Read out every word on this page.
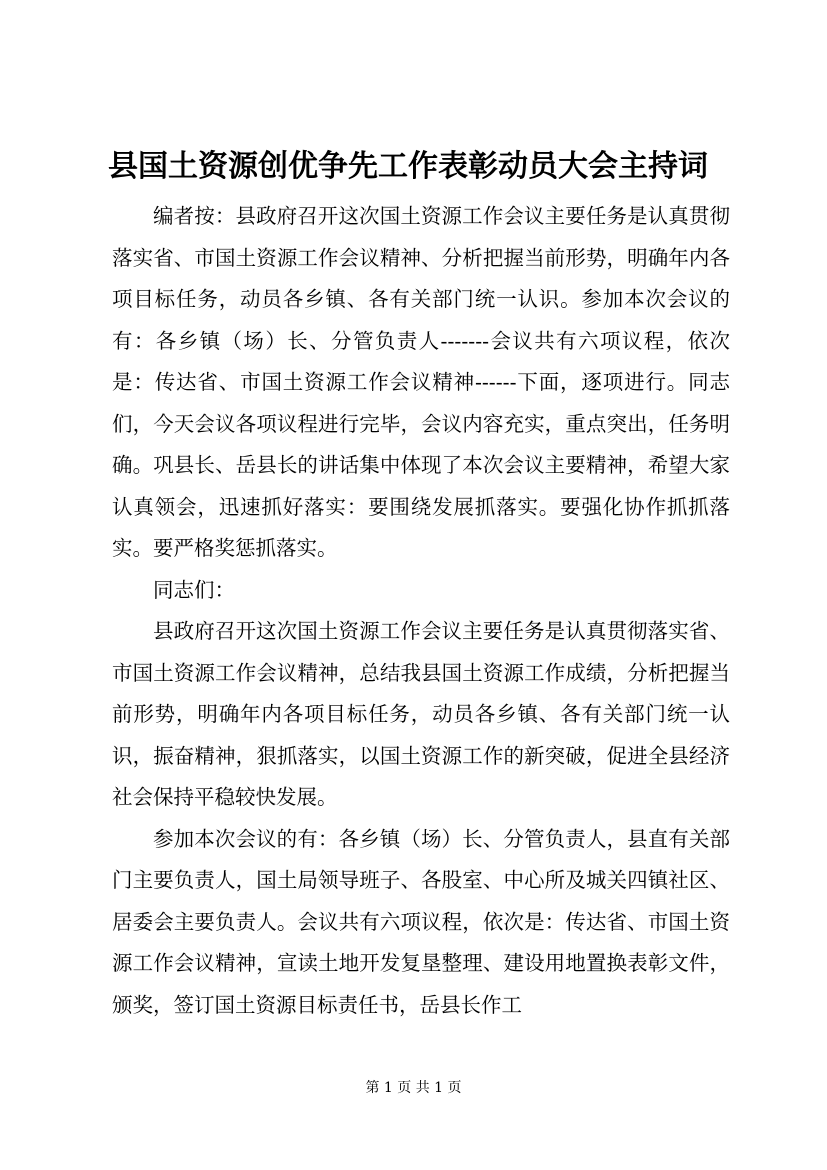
县国土资源创优争先工作表彰动员大会主持词

编者按：县政府召开这次国土资源工作会议主要任务是认真贯彻落实省、市国土资源工作会议精神、分析把握当前形势，明确年内各项目标任务，动员各乡镇、各有关部门统一认识。参加本次会议的有：各乡镇（场）长、分管负责人-------会议共有六项议程，依次是：传达省、市国土资源工作会议精神------下面，逐项进行。同志们，今天会议各项议程进行完毕，会议内容充实，重点突出，任务明确。巩县长、岳县长的讲话集中体现了本次会议主要精神，希望大家认真领会，迅速抓好落实：要围绕发展抓落实。要强化协作抓抓落实。要严格奖惩抓落实。

同志们：

县政府召开这次国土资源工作会议主要任务是认真贯彻落实省、市国土资源工作会议精神，总结我县国土资源工作成绩，分析把握当前形势，明确年内各项目标任务，动员各乡镇、各有关部门统一认识，振奋精神，狠抓落实，以国土资源工作的新突破，促进全县经济社会保持平稳较快发展。

参加本次会议的有：各乡镇（场）长、分管负责人，县直有关部门主要负责人，国土局领导班子、各股室、中心所及城关四镇社区、居委会主要负责人。会议共有六项议程，依次是：传达省、市国土资源工作会议精神，宣读土地开发复垦整理、建设用地置换表彰文件，颁奖，签订国土资源目标责任书，岳县长作工

第 1 页 共 1 页
